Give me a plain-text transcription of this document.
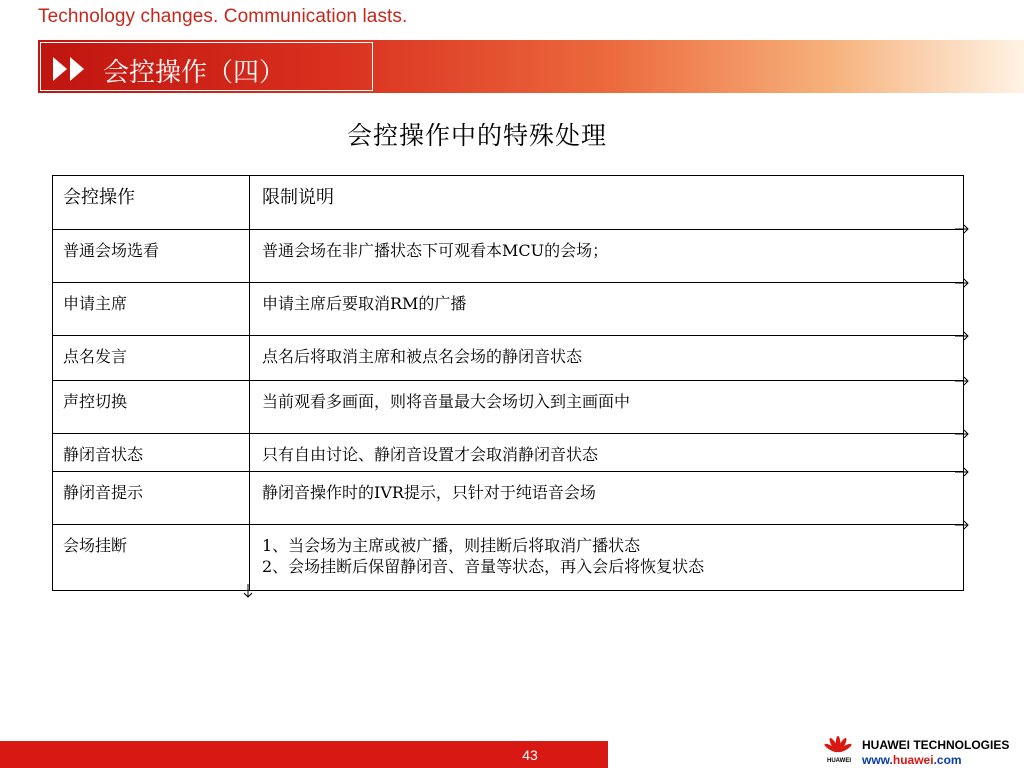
Technology changes. Communication lasts.
会控操作（四）
会控操作中的特殊处理
会控操作	限制说明
普通会场选看	普通会场在非广播状态下可观看本MCU的会场；
申请主席	申请主席后要取消RM的广播
点名发言	点名后将取消主席和被点名会场的静闭音状态
声控切换	当前观看多画面，则将音量最大会场切入到主画面中
静闭音状态	只有自由讨论、静闭音设置才会取消静闭音状态
静闭音提示	静闭音操作时的IVR提示，只针对于纯语音会场
会场挂断	1、当会场为主席或被广播，则挂断后将取消广播状态
2、会场挂断后保留静闭音、音量等状态，再入会后将恢复状态
43	HUAWEI
HUAWEI TECHNOLOGIES
www.huawei.com
